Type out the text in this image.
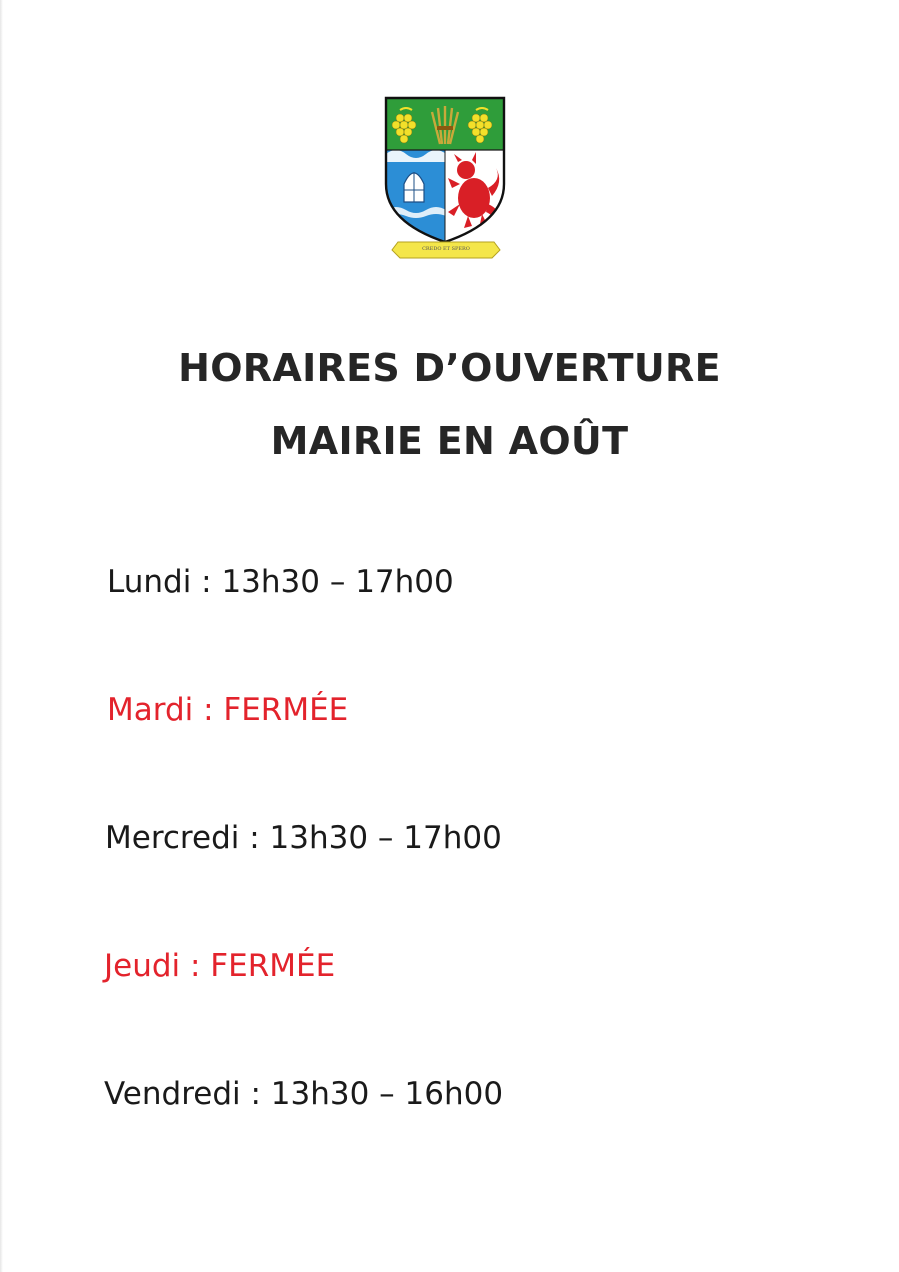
CREDO ET SPERO
HORAIRES D’OUVERTURE
MAIRIE EN AOÛT
Lundi : 13h30 – 17h00
Mardi : FERMÉE
Mercredi : 13h30 – 17h00
Jeudi : FERMÉE
Vendredi : 13h30 – 16h00
